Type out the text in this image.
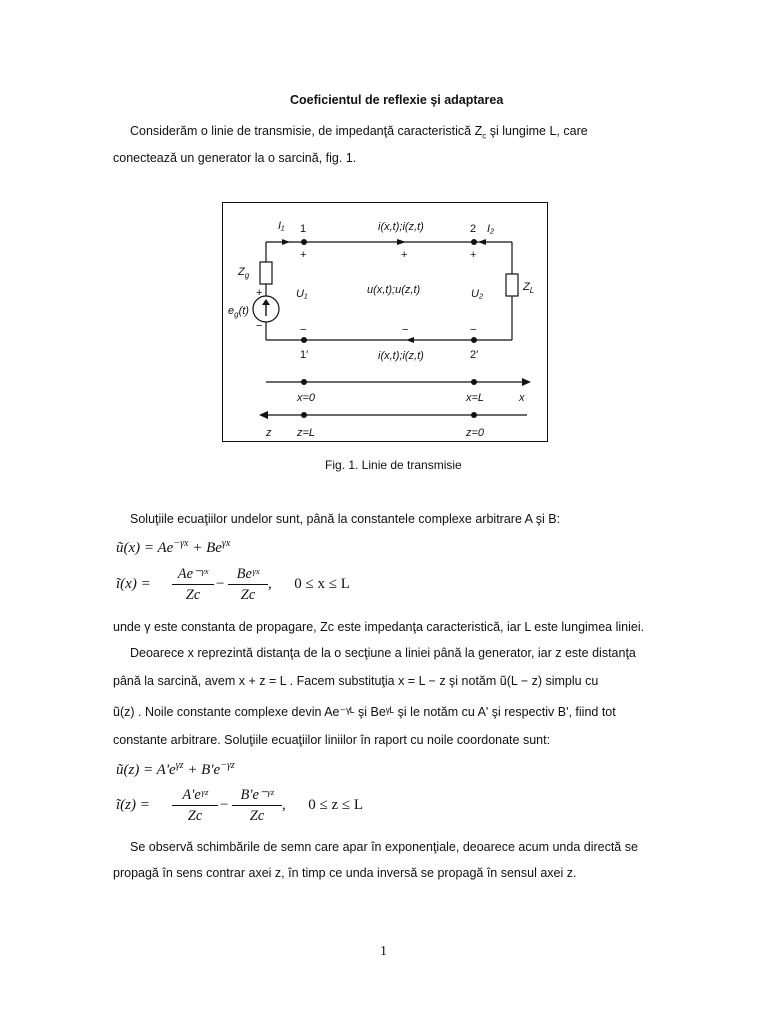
Coeficientul de reflexie şi adaptarea
Considerăm o linie de transmisie, de impedanţă caracteristică $Z_c$ şi lungime L, care
conectează un generator la o sarcină, fig. 1.
I₁ 1	2 I₂
i(x,t);i(z,t)
+	+	+
$Z_g$
+
−
$e_g(t)$
U₁	u(x,t);u(z,t)	U₂
$Z_L$
−	−	−
1′	2′
i(x,t);i(z,t)
x=0	x=L	x
z z=L	z=0
Fig. 1. Linie de transmisie
Soluţiile ecuaţiilor undelor sunt, până la constantele complexe arbitrare A şi B:
ũ(x) = $Ae^{-\gamma x} + Be^{\gamma x}$
ĩ(x) =
Ae⁻ᵞˣ
Zc
−
Beᵞˣ
Zc
,      0 ≤ x ≤ L
unde γ este constanta de propagare, Zc este impedanţa caracteristică, iar L este lungimea liniei.
Deoarece x reprezintă distanţa de la o secţiune a liniei până la generator, iar z este distanţa
până la sarcină, avem x + z = L . Facem substituţia x = L − z şi notăm ũ(L − z) simplu cu
ũ(z) . Noile constante complexe devin Ae⁻ᵞᴸ şi Beᵞᴸ şi le notăm cu A' şi respectiv B', fiind tot
constante arbitrare. Soluţiile ecuaţiilor liniilor în raport cu noile coordonate sunt:
ũ(z) = $A'e^{\gamma z} + B'e^{-\gamma z}$
ĩ(z) =
A'eᵞᶻ
Zc
−
B'e⁻ᵞᶻ
Zc
,      0 ≤ z ≤ L
Se observă schimbările de semn care apar în exponenţiale, deoarece acum unda directă se
propagă în sens contrar axei z, în timp ce unda inversă se propagă în sensul axei z.
1
